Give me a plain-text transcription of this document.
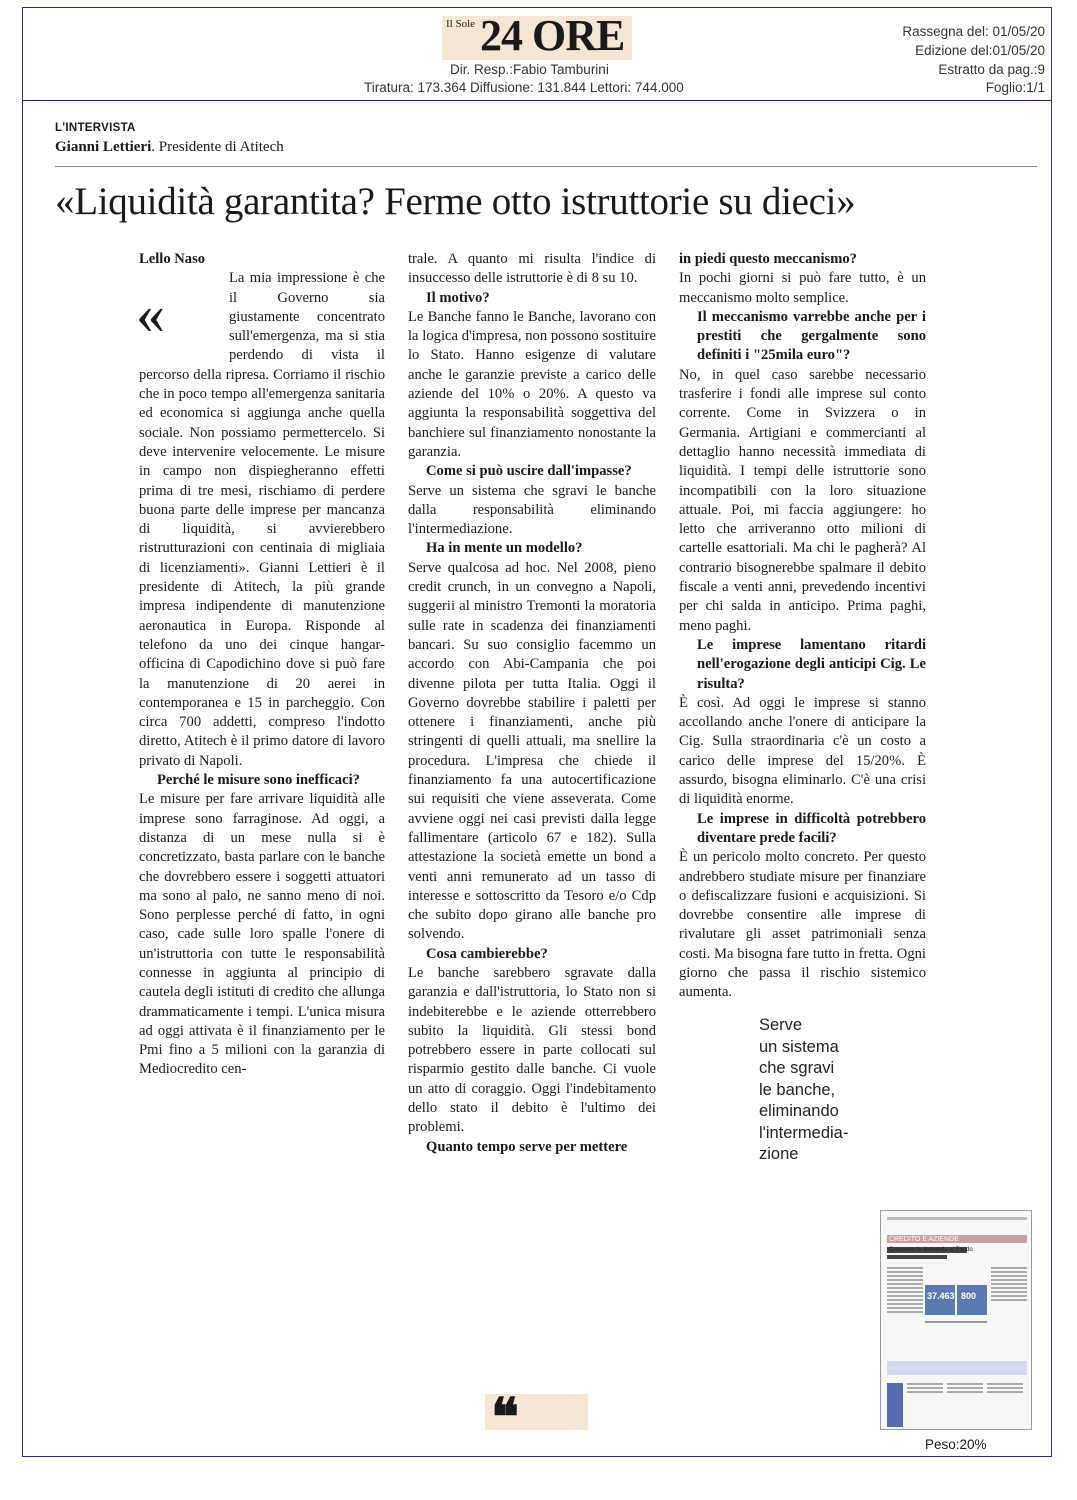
Il Sole 24 ORE
Dir. Resp.:Fabio Tamburini
Tiratura: 173.364 Diffusione: 131.844 Lettori: 744.000
Rassegna del: 01/05/20
Edizione del:01/05/20
Estratto da pag.:9
Foglio:1/1
L'INTERVISTA
Gianni Lettieri. Presidente di Atitech
«Liquidità garantita? Ferme otto istruttorie su dieci»

Lello Naso

La mia impressione è che il Governo sia giustamente concentrato sull'emergenza, ma si stia perdendo di vista il percorso della ripresa. Corriamo il rischio che in poco tempo all'emergenza sanitaria ed economica si aggiunga anche quella sociale. Non possiamo permettercelo. Si deve intervenire velocemente. Le misure in campo non dispiegheranno effetti prima di tre mesi, rischiamo di perdere buona parte delle imprese per mancanza di liquidità, si avvierebbero ristrutturazioni con centinaia di migliaia di licenziamenti». Gianni Lettieri è il presidente di Atitech, la più grande impresa indipendente di manutenzione aeronautica in Europa. Risponde al telefono da uno dei cinque hangar-officina di Capodichino dove si può fare la manutenzione di 20 aerei in contemporanea e 15 in parcheggio. Con circa 700 addetti, compreso l'indotto diretto, Atitech è il primo datore di lavoro privato di Napoli.

Perché le misure sono inefficaci?

Le misure per fare arrivare liquidità alle imprese sono farraginose. Ad oggi, a distanza di un mese nulla si è concretizzato, basta parlare con le banche che dovrebbero essere i soggetti attuatori ma sono al palo, ne sanno meno di noi. Sono perplesse perché di fatto, in ogni caso, cade sulle loro spalle l'onere di un'istruttoria con tutte le responsabilità connesse in aggiunta al principio di cautela degli istituti di credito che allunga drammaticamente i tempi. L'unica misura ad oggi attivata è il finanziamento per le Pmi fino a 5 milioni con la garanzia di Mediocredito cen-

«

trale. A quanto mi risulta l'indice di insuccesso delle istruttorie è di 8 su 10.

Il motivo?

Le Banche fanno le Banche, lavorano con la logica d'impresa, non possono sostituire lo Stato. Hanno esigenze di valutare anche le garanzie previste a carico delle aziende del 10% o 20%. A questo va aggiunta la responsabilità soggettiva del banchiere sul finanziamento nonostante la garanzia.

Come si può uscire dall'impasse?

Serve un sistema che sgravi le banche dalla responsabilità eliminando l'intermediazione.

Ha in mente un modello?

Serve qualcosa ad hoc. Nel 2008, pieno credit crunch, in un convegno a Napoli, suggerii al ministro Tremonti la moratoria sulle rate in scadenza dei finanziamenti bancari. Su suo consiglio facemmo un accordo con Abi-Campania che poi divenne pilota per tutta Italia. Oggi il Governo dovrebbe stabilire i paletti per ottenere i finanziamenti, anche più stringenti di quelli attuali, ma snellire la procedura. L'impresa che chiede il finanziamento fa una autocertificazione sui requisiti che viene asseverata. Come avviene oggi nei casi previsti dalla legge fallimentare (articolo 67 e 182). Sulla attestazione la società emette un bond a venti anni remunerato ad un tasso di interesse e sottoscritto da Tesoro e/o Cdp che subito dopo girano alle banche pro solvendo.

Cosa cambierebbe?

Le banche sarebbero sgravate dalla garanzia e dall'istruttoria, lo Stato non si indebiterebbe e le aziende otterrebbero subito la liquidità. Gli stessi bond potrebbero essere in parte collocati sul risparmio gestito dalle banche. Ci vuole un atto di coraggio. Oggi l'indebitamento dello stato il debito è l'ultimo dei problemi.

Quanto tempo serve per mettere

in piedi questo meccanismo?

In pochi giorni si può fare tutto, è un meccanismo molto semplice.

Il meccanismo varrebbe anche per i prestiti che gergalmente sono definiti i "25mila euro"?

No, in quel caso sarebbe necessario trasferire i fondi alle imprese sul conto corrente. Come in Svizzera o in Germania. Artigiani e commercianti al dettaglio hanno necessità immediata di liquidità. I tempi delle istruttorie sono incompatibili con la loro situazione attuale. Poi, mi faccia aggiungere: ho letto che arriveranno otto milioni di cartelle esattoriali. Ma chi le pagherà? Al contrario bisognerebbe spalmare il debito fiscale a venti anni, prevedendo incentivi per chi salda in anticipo. Prima paghi, meno paghi.

Le imprese lamentano ritardi nell'erogazione degli anticipi Cig. Le risulta?

È così. Ad oggi le imprese si stanno accollando anche l'onere di anticipare la Cig. Sulla straordinaria c'è un costo a carico delle imprese del 15/20%. È assurdo, bisogna eliminarlo. C'è una crisi di liquidità enorme.

Le imprese in difficoltà potrebbero diventare prede facili?

È un pericolo molto concreto. Per questo andrebbero studiate misure per finanziare o defiscalizzare fusioni e acquisizioni. Si dovrebbe consentire alle imprese di rivalutare gli asset patrimoniali senza costi. Ma bisogna fare tutto in fretta. Ogni giorno che passa il rischio sistemico aumenta.

Serve
un sistema
che sgravi
le banche,
eliminando
l'intermedia-
zione
❝
CREDITO E AZIENDE
Crescono le domande al Fondo
37.463 800
Peso:20%
